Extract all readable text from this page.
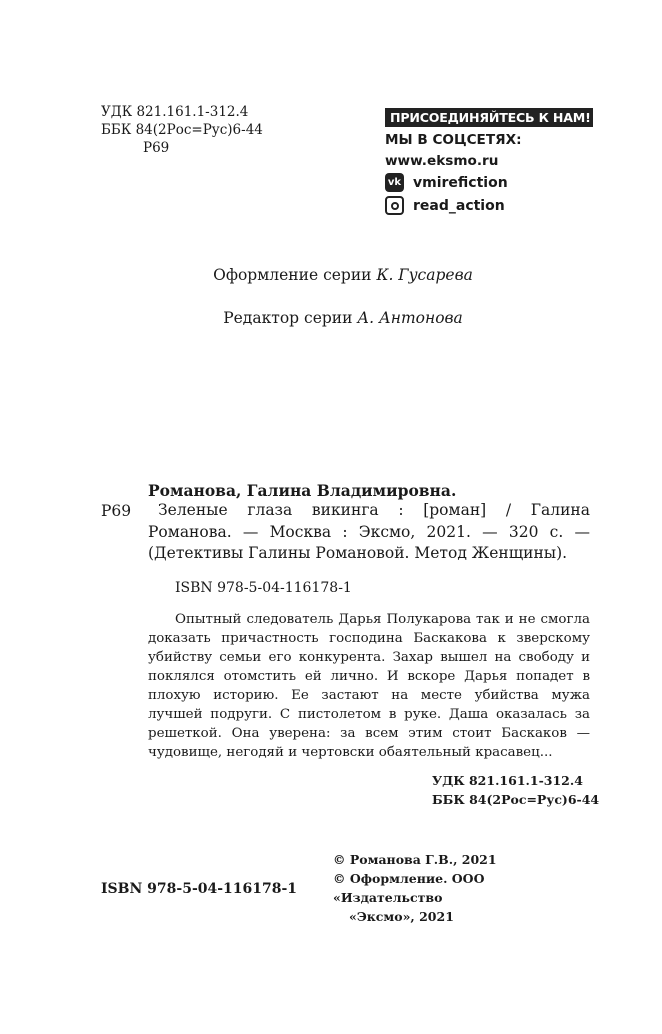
УДК 821.161.1-312.4
ББК 84(2Рос=Рус)6-44
Р69
ПРИСОЕДИНЯЙТЕСЬ К НАМ!
МЫ В СОЦСЕТЯХ:
www.eksmo.ru
vk vmirefiction
read_action
Оформление серии К. Гусарева
Редактор серии А. Антонова
Романова, Галина Владимировна.
Р69	Зеленые глаза викинга : [роман] / Галина Романова. — Москва : Эксмо, 2021. — 320 с. — (Детективы Галины Романовой. Метод Женщины).
ISBN 978-5-04-116178-1
Опытный следователь Дарья Полукарова так и не смогла доказать причастность господина Баскакова к зверскому убийству семьи его конкурента. Захар вышел на свободу и поклялся отомстить ей лично. И вскоре Дарья попадет в плохую историю. Ее застают на месте убийства мужа лучшей подруги. С пистолетом в руке. Даша оказалась за решеткой. Она уверена: за всем этим стоит Баскаков — чудовище, негодяй и чертовски обаятельный красавец...
УДК 821.161.1-312.4
ББК 84(2Рос=Рус)6-44
© Романова Г.В., 2021
© Оформление. ООО «Издательство
«Эксмо», 2021
ISBN 978-5-04-116178-1
